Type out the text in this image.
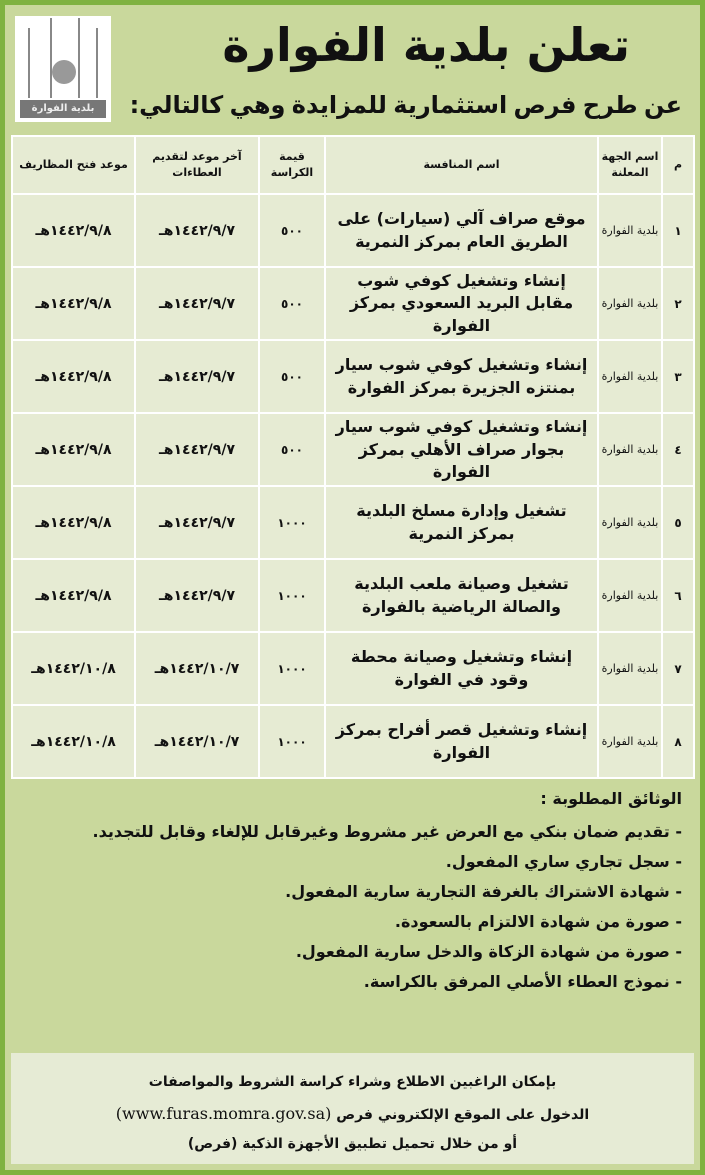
بلدية الفوارة
تعلن بلدية الفوارة
عن طرح فرص استثمارية للمزايدة وهي كالتالي:
م	اسم الجهة المعلنة	اسم المنافسة	قيمة الكراسة	آخر موعد لتقديم العطاءات	موعد فتح المظاريف
١	بلدية الفوارة	موقع صراف آلي (سيارات) على الطريق العام بمركز النمرية	٥٠٠	١٤٤٢/٩/٧هـ	١٤٤٢/٩/٨هـ
٢	بلدية الفوارة	إنشاء وتشغيل كوفي شوب مقابل البريد السعودي بمركز الفوارة	٥٠٠	١٤٤٢/٩/٧هـ	١٤٤٢/٩/٨هـ
٣	بلدية الفوارة	إنشاء وتشغيل كوفي شوب سيار بمنتزه الجزيرة بمركز الفوارة	٥٠٠	١٤٤٢/٩/٧هـ	١٤٤٢/٩/٨هـ
٤	بلدية الفوارة	إنشاء وتشغيل كوفي شوب سيار بجوار صراف الأهلي بمركز الفوارة	٥٠٠	١٤٤٢/٩/٧هـ	١٤٤٢/٩/٨هـ
٥	بلدية الفوارة	تشغيل وإدارة مسلخ البلدية بمركز النمرية	١٠٠٠	١٤٤٢/٩/٧هـ	١٤٤٢/٩/٨هـ
٦	بلدية الفوارة	تشغيل وصيانة ملعب البلدية والصالة الرياضية بالفوارة	١٠٠٠	١٤٤٢/٩/٧هـ	١٤٤٢/٩/٨هـ
٧	بلدية الفوارة	إنشاء وتشغيل وصيانة محطة وقود في الفوارة	١٠٠٠	١٤٤٢/١٠/٧هـ	١٤٤٢/١٠/٨هـ
٨	بلدية الفوارة	إنشاء وتشغيل قصر أفراح بمركز الفوارة	١٠٠٠	١٤٤٢/١٠/٧هـ	١٤٤٢/١٠/٨هـ
الوثائق المطلوبة :
- تقديم ضمان بنكي مع العرض غير مشروط وغيرقابل للإلغاء وقابل للتجديد.
- سجل تجاري ساري المفعول.
- شهادة الاشتراك بالغرفة التجارية سارية المفعول.
- صورة من شهادة الالتزام بالسعودة.
- صورة من شهادة الزكاة والدخل سارية المفعول.
- نموذج العطاء الأصلي المرفق بالكراسة.
بإمكان الراغبين الاطلاع وشراء كراسة الشروط والمواصفات
الدخول على الموقع الإلكتروني فرص (www.furas.momra.gov.sa)
أو من خلال تحميل تطبيق الأجهزة الذكية (فرص)
